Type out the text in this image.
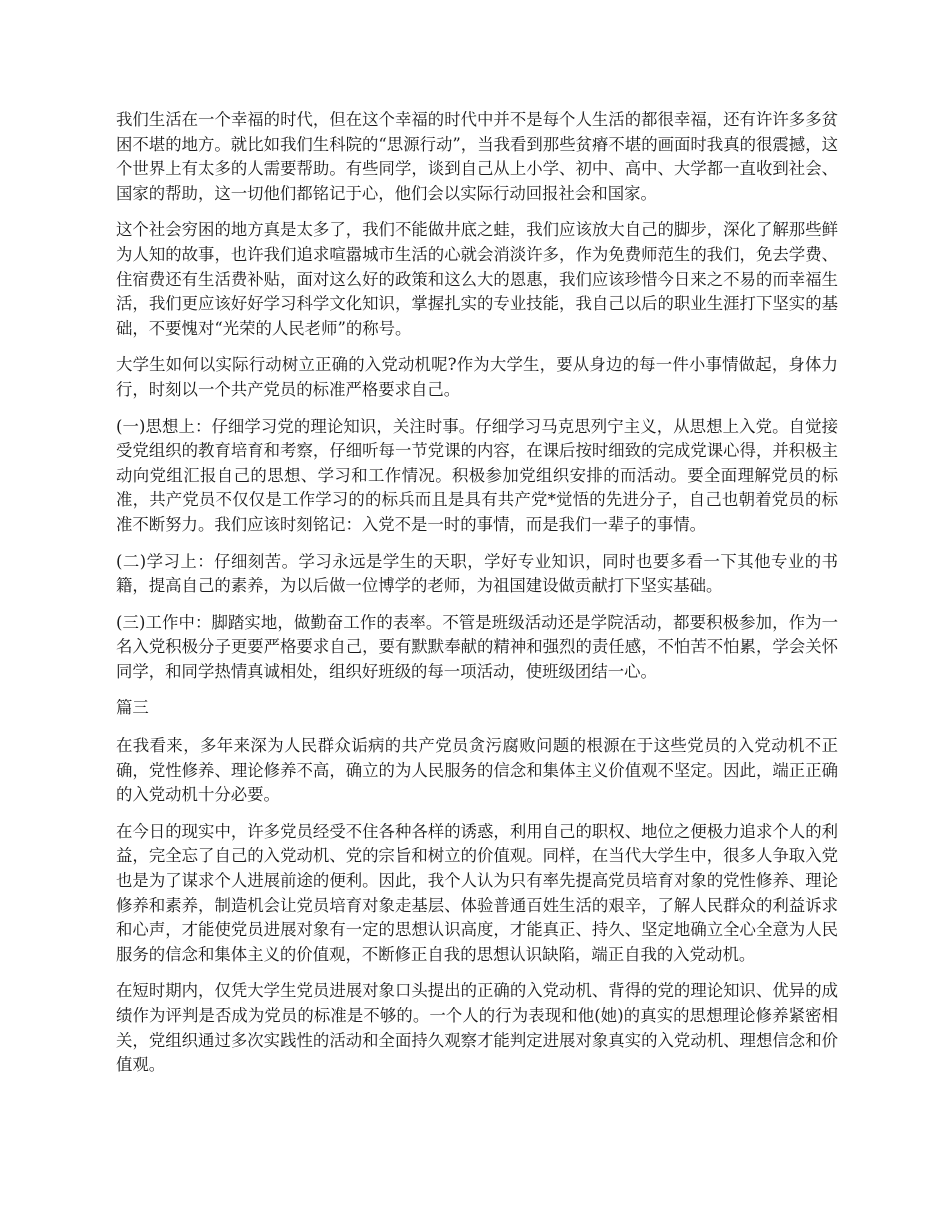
我们生活在一个幸福的时代，但在这个幸福的时代中并不是每个人生活的都很幸福，还有许许多多贫困不堪的地方。就比如我们生科院的“思源行动”，当我看到那些贫瘠不堪的画面时我真的很震撼，这个世界上有太多的人需要帮助。有些同学，谈到自己从上小学、初中、高中、大学都一直收到社会、国家的帮助，这一切他们都铭记于心，他们会以实际行动回报社会和国家。

这个社会穷困的地方真是太多了，我们不能做井底之蛙，我们应该放大自己的脚步，深化了解那些鲜为人知的故事，也许我们追求喧嚣城市生活的心就会消淡许多，作为免费师范生的我们，免去学费、住宿费还有生活费补贴，面对这么好的政策和这么大的恩惠，我们应该珍惜今日来之不易的而幸福生活，我们更应该好好学习科学文化知识，掌握扎实的专业技能，我自己以后的职业生涯打下坚实的基础，不要愧对“光荣的人民老师”的称号。

大学生如何以实际行动树立正确的入党动机呢?作为大学生，要从身边的每一件小事情做起，身体力行，时刻以一个共产党员的标准严格要求自己。

(一)思想上：仔细学习党的理论知识，关注时事。仔细学习马克思列宁主义，从思想上入党。自觉接受党组织的教育培育和考察，仔细听每一节党课的内容，在课后按时细致的完成党课心得，并积极主动向党组汇报自己的思想、学习和工作情况。积极参加党组织安排的而活动。要全面理解党员的标准，共产党员不仅仅是工作学习的的标兵而且是具有共产党*觉悟的先进分子，自己也朝着党员的标准不断努力。我们应该时刻铭记：入党不是一时的事情，而是我们一辈子的事情。

(二)学习上：仔细刻苦。学习永远是学生的天职，学好专业知识，同时也要多看一下其他专业的书籍，提高自己的素养，为以后做一位博学的老师，为祖国建设做贡献打下坚实基础。

(三)工作中：脚踏实地，做勤奋工作的表率。不管是班级活动还是学院活动，都要积极参加，作为一名入党积极分子更要严格要求自己，要有默默奉献的精神和强烈的责任感，不怕苦不怕累，学会关怀同学，和同学热情真诚相处，组织好班级的每一项活动，使班级团结一心。

篇三

在我看来，多年来深为人民群众诟病的共产党员贪污腐败问题的根源在于这些党员的入党动机不正确，党性修养、理论修养不高，确立的为人民服务的信念和集体主义价值观不坚定。因此，端正正确的入党动机十分必要。

在今日的现实中，许多党员经受不住各种各样的诱惑，利用自己的职权、地位之便极力追求个人的利益，完全忘了自己的入党动机、党的宗旨和树立的价值观。同样，在当代大学生中，很多人争取入党也是为了谋求个人进展前途的便利。因此，我个人认为只有率先提高党员培育对象的党性修养、理论修养和素养，制造机会让党员培育对象走基层、体验普通百姓生活的艰辛，了解人民群众的利益诉求和心声，才能使党员进展对象有一定的思想认识高度，才能真正、持久、坚定地确立全心全意为人民服务的信念和集体主义的价值观，不断修正自我的思想认识缺陷，端正自我的入党动机。

在短时期内，仅凭大学生党员进展对象口头提出的正确的入党动机、背得的党的理论知识、优异的成绩作为评判是否成为党员的标准是不够的。一个人的行为表现和他(她)的真实的思想理论修养紧密相关，党组织通过多次实践性的活动和全面持久观察才能判定进展对象真实的入党动机、理想信念和价值观。
